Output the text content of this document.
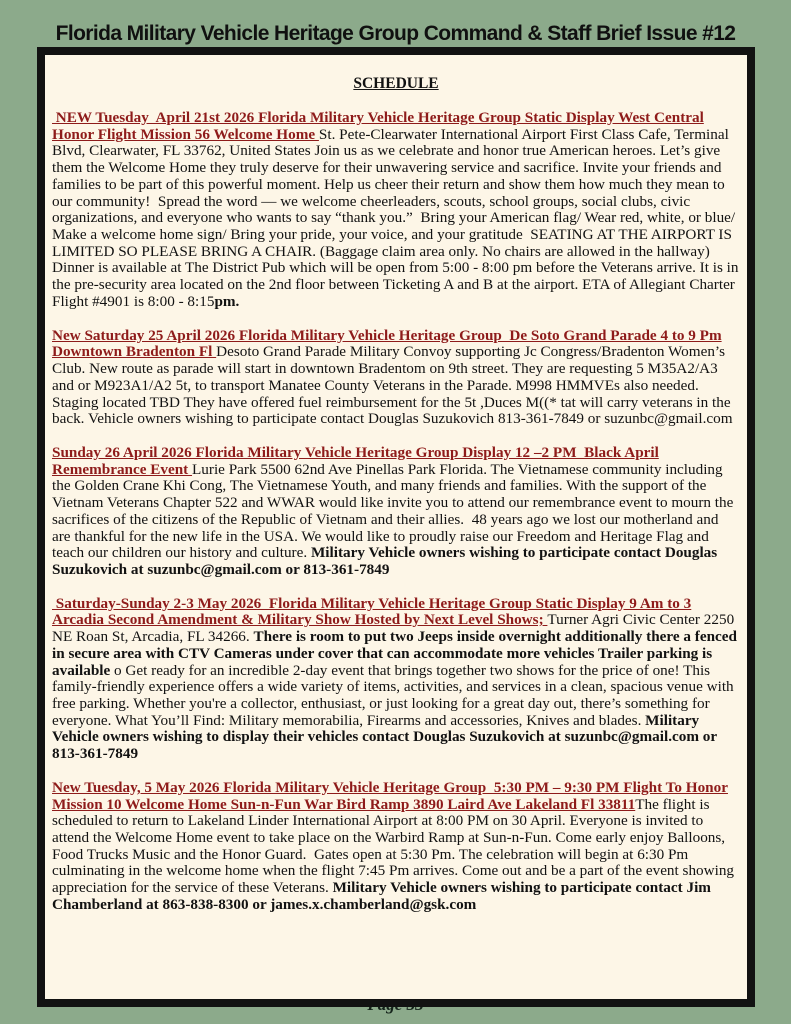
Florida Military Vehicle Heritage Group Command & Staff Brief Issue #12
SCHEDULE

NEW Tuesday  April 21st 2026 Florida Military Vehicle Heritage Group Static Display West Central Honor Flight Mission 56 Welcome Home St. Pete-Clearwater International Airport First Class Cafe, Terminal Blvd, Clearwater, FL 33762, United States Join us as we celebrate and honor true American heroes. Let’s give them the Welcome Home they truly deserve for their unwavering service and sacrifice. Invite your friends and families to be part of this powerful moment. Help us cheer their return and show them how much they mean to our community!  Spread the word — we welcome cheerleaders, scouts, school groups, social clubs, civic organizations, and everyone who wants to say “thank you.”  Bring your American flag/ Wear red, white, or blue/ Make a welcome home sign/ Bring your pride, your voice, and your gratitude  SEATING AT THE AIRPORT IS LIMITED SO PLEASE BRING A CHAIR. (Baggage claim area only. No chairs are allowed in the hallway) Dinner is available at The District Pub which will be open from 5:00 - 8:00 pm before the Veterans arrive. It is in the pre-security area located on the 2nd floor between Ticketing A and B at the airport. ETA of Allegiant Charter Flight #4901 is 8:00 - 8:15pm.

New Saturday 25 April 2026 Florida Military Vehicle Heritage Group  De Soto Grand Parade 4 to 9 Pm Downtown Bradenton Fl Desoto Grand Parade Military Convoy supporting Jc Congress/Bradenton Women’s Club. New route as parade will start in downtown Bradentom on 9th street. They are requesting 5 M35A2/A3 and or M923A1/A2 5t, to transport Manatee County Veterans in the Parade. M998 HMMVEs also needed. Staging located TBD They have offered fuel reimbursement for the 5t ,Duces M((* tat will carry veterans in the back. Vehicle owners wishing to participate contact Douglas Suzukovich 813-361-7849 or suzunbc@gmail.com

Sunday 26 April 2026 Florida Military Vehicle Heritage Group Display 12 –2 PM  Black April Remembrance Event Lurie Park 5500 62nd Ave Pinellas Park Florida. The Vietnamese community including the Golden Crane Khi Cong, The Vietnamese Youth, and many friends and families. With the support of the Vietnam Veterans Chapter 522 and WWAR would like invite you to attend our remembrance event to mourn the sacrifices of the citizens of the Republic of Vietnam and their allies.  48 years ago we lost our motherland and are thankful for the new life in the USA. We would like to proudly raise our Freedom and Heritage Flag and teach our children our history and culture. Military Vehicle owners wishing to participate contact Douglas Suzukovich at suzunbc@gmail.com or 813-361-7849

Saturday-Sunday 2-3 May 2026  Florida Military Vehicle Heritage Group Static Display 9 Am to 3 Arcadia Second Amendment & Military Show Hosted by Next Level Shows; Turner Agri Civic Center 2250 NE Roan St, Arcadia, FL 34266. There is room to put two Jeeps inside overnight additionally there a fenced in secure area with CTV Cameras under cover that can accommodate more vehicles Trailer parking is available o Get ready for an incredible 2-day event that brings together two shows for the price of one! This family-friendly experience offers a wide variety of items, activities, and services in a clean, spacious venue with free parking. Whether you're a collector, enthusiast, or just looking for a great day out, there’s something for everyone. What You’ll Find: Military memorabilia, Firearms and accessories, Knives and blades. Military Vehicle owners wishing to display their vehicles contact Douglas Suzukovich at suzunbc@gmail.com or 813-361-7849

New Tuesday, 5 May 2026 Florida Military Vehicle Heritage Group  5:30 PM – 9:30 PM Flight To Honor Mission 10 Welcome Home Sun-n-Fun War Bird Ramp 3890 Laird Ave Lakeland Fl 33811The flight is scheduled to return to Lakeland Linder International Airport at 8:00 PM on 30 April. Everyone is invited to attend the Welcome Home event to take place on the Warbird Ramp at Sun-n-Fun. Come early enjoy Balloons, Food Trucks Music and the Honor Guard.  Gates open at 5:30 Pm. The celebration will begin at 6:30 Pm culminating in the welcome home when the flight 7:45 Pm arrives. Come out and be a part of the event showing appreciation for the service of these Veterans. Military Vehicle owners wishing to participate contact Jim Chamberland at 863-838-8300 or james.x.chamberland@gsk.com
